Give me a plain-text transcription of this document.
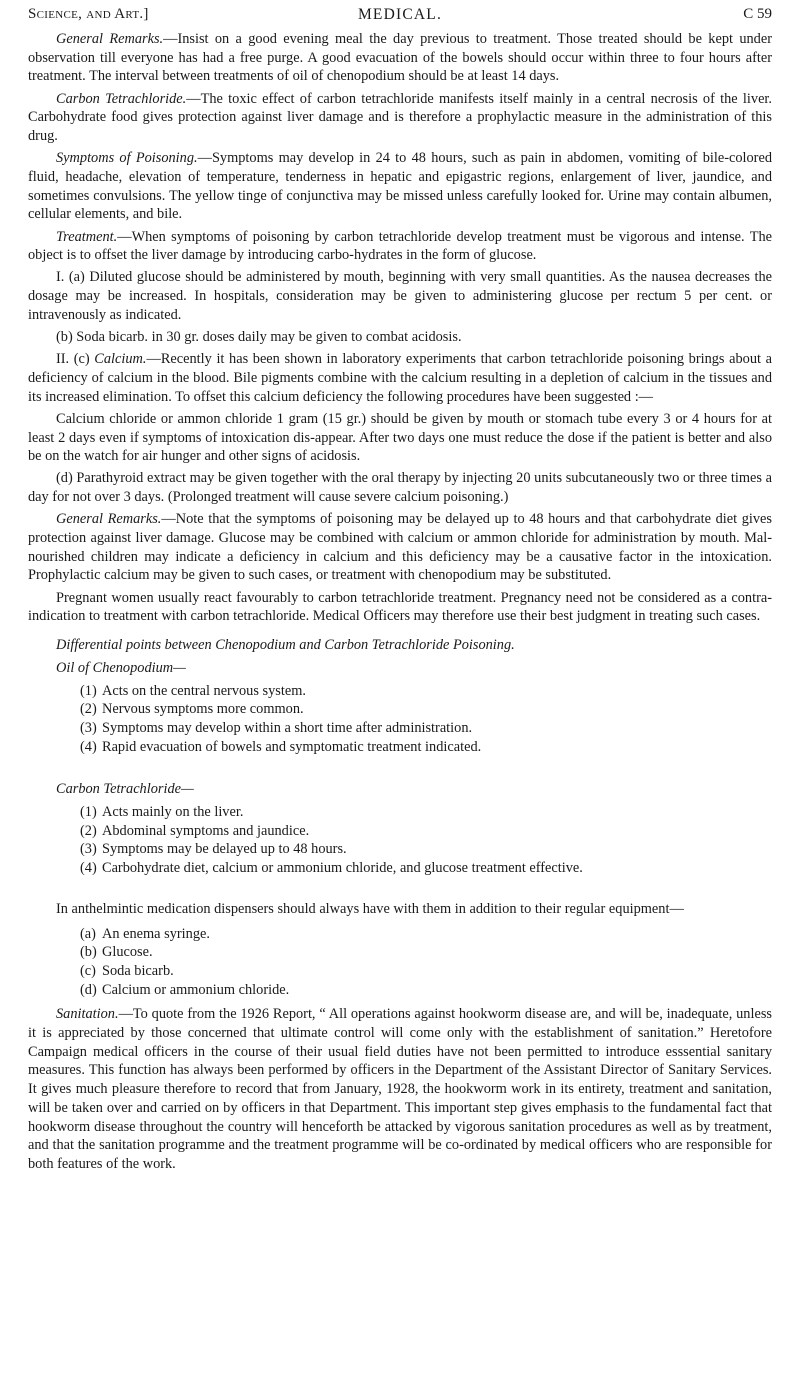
Science, and Art.]	MEDICAL.	C 59

General Remarks.—Insist on a good evening meal the day previous to treatment. Those treated should be kept under observation till everyone has had a free purge. A good evacuation of the bowels should occur within three to four hours after treatment. The interval between treatments of oil of chenopodium should be at least 14 days.

Carbon Tetrachloride.—The toxic effect of carbon tetrachloride manifests itself mainly in a central necrosis of the liver. Carbohydrate food gives protection against liver damage and is therefore a prophylactic measure in the administration of this drug.

Symptoms of Poisoning.—Symptoms may develop in 24 to 48 hours, such as pain in abdomen, vomiting of bile-colored fluid, headache, elevation of temperature, tenderness in hepatic and epigastric regions, enlargement of liver, jaundice, and sometimes convulsions. The yellow tinge of conjunctiva may be missed unless carefully looked for. Urine may contain albumen, cellular elements, and bile.

Treatment.—When symptoms of poisoning by carbon tetrachloride develop treatment must be vigorous and intense. The object is to offset the liver damage by introducing carbo-hydrates in the form of glucose.

I. (a) Diluted glucose should be administered by mouth, beginning with very small quantities. As the nausea decreases the dosage may be increased. In hospitals, consideration may be given to administering glucose per rectum 5 per cent. or intravenously as indicated.

(b) Soda bicarb. in 30 gr. doses daily may be given to combat acidosis.

II. (c) Calcium.—Recently it has been shown in laboratory experiments that carbon tetrachloride poisoning brings about a deficiency of calcium in the blood. Bile pigments combine with the calcium resulting in a depletion of calcium in the tissues and its increased elimination. To offset this calcium deficiency the following procedures have been suggested :—

Calcium chloride or ammon chloride 1 gram (15 gr.) should be given by mouth or stomach tube every 3 or 4 hours for at least 2 days even if symptoms of intoxication dis-appear. After two days one must reduce the dose if the patient is better and also be on the watch for air hunger and other signs of acidosis.

(d) Parathyroid extract may be given together with the oral therapy by injecting 20 units subcutaneously two or three times a day for not over 3 days. (Prolonged treatment will cause severe calcium poisoning.)

General Remarks.—Note that the symptoms of poisoning may be delayed up to 48 hours and that carbohydrate diet gives protection against liver damage. Glucose may be combined with calcium or ammon chloride for administration by mouth. Mal-nourished children may indicate a deficiency in calcium and this deficiency may be a causative factor in the intoxication. Prophylactic calcium may be given to such cases, or treatment with chenopodium may be substituted.

Pregnant women usually react favourably to carbon tetrachloride treatment. Pregnancy need not be considered as a contra-indication to treatment with carbon tetrachloride. Medical Officers may therefore use their best judgment in treating such cases.

Differential points between Chenopodium and Carbon Tetrachloride Poisoning.
Oil of Chenopodium—
(1) Acts on the central nervous system.
(2) Nervous symptoms more common.
(3) Symptoms may develop within a short time after administration.
(4) Rapid evacuation of bowels and symptomatic treatment indicated.
Carbon Tetrachloride—
(1) Acts mainly on the liver.
(2) Abdominal symptoms and jaundice.
(3) Symptoms may be delayed up to 48 hours.
(4) Carbohydrate diet, calcium or ammonium chloride, and glucose treatment effective.

In anthelmintic medication dispensers should always have with them in addition to their regular equipment—

(a) An enema syringe.
(b) Glucose.
(c) Soda bicarb.
(d) Calcium or ammonium chloride.

Sanitation.—To quote from the 1926 Report, “ All operations against hookworm disease are, and will be, inadequate, unless it is appreciated by those concerned that ultimate control will come only with the establishment of sanitation.” Heretofore Campaign medical officers in the course of their usual field duties have not been permitted to introduce esssential sanitary measures. This function has always been performed by officers in the Department of the Assistant Director of Sanitary Services. It gives much pleasure therefore to record that from January, 1928, the hookworm work in its entirety, treatment and sanitation, will be taken over and carried on by officers in that Department. This important step gives emphasis to the fundamental fact that hookworm disease throughout the country will henceforth be attacked by vigorous sanitation procedures as well as by treatment, and that the sanitation programme and the treatment programme will be co-ordinated by medical officers who are responsible for both features of the work.
